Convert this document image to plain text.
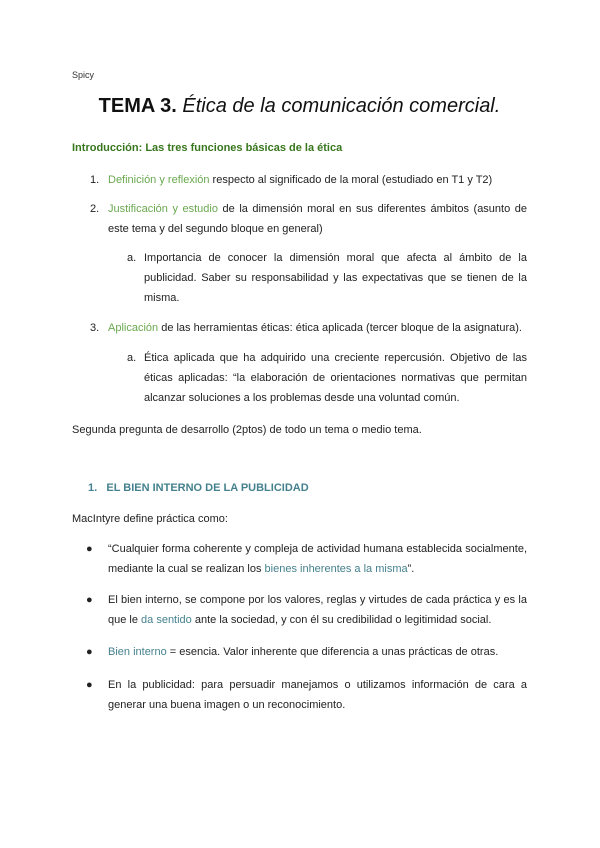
Spicy
TEMA 3. Ética de la comunicación comercial.
Introducción: Las tres funciones básicas de la ética
1. Definición y reflexión respecto al significado de la moral (estudiado en T1 y T2)
2. Justificación y estudio de la dimensión moral en sus diferentes ámbitos (asunto de este tema y del segundo bloque en general)
a. Importancia de conocer la dimensión moral que afecta al ámbito de la publicidad. Saber su responsabilidad y las expectativas que se tienen de la misma.
3. Aplicación de las herramientas éticas: ética aplicada (tercer bloque de la asignatura).
a. Ética aplicada que ha adquirido una creciente repercusión. Objetivo de las éticas aplicadas: “la elaboración de orientaciones normativas que permitan alcanzar soluciones a los problemas desde una voluntad común.
Segunda pregunta de desarrollo (2ptos) de todo un tema o medio tema.
1. EL BIEN INTERNO DE LA PUBLICIDAD
MacIntyre define práctica como:
● “Cualquier forma coherente y compleja de actividad humana establecida socialmente, mediante la cual se realizan los bienes inherentes a la misma”.
● El bien interno, se compone por los valores, reglas y virtudes de cada práctica y es la que le da sentido ante la sociedad, y con él su credibilidad o legitimidad social.
● Bien interno = esencia. Valor inherente que diferencia a unas prácticas de otras.
● En la publicidad: para persuadir manejamos o utilizamos información de cara a generar una buena imagen o un reconocimiento.
